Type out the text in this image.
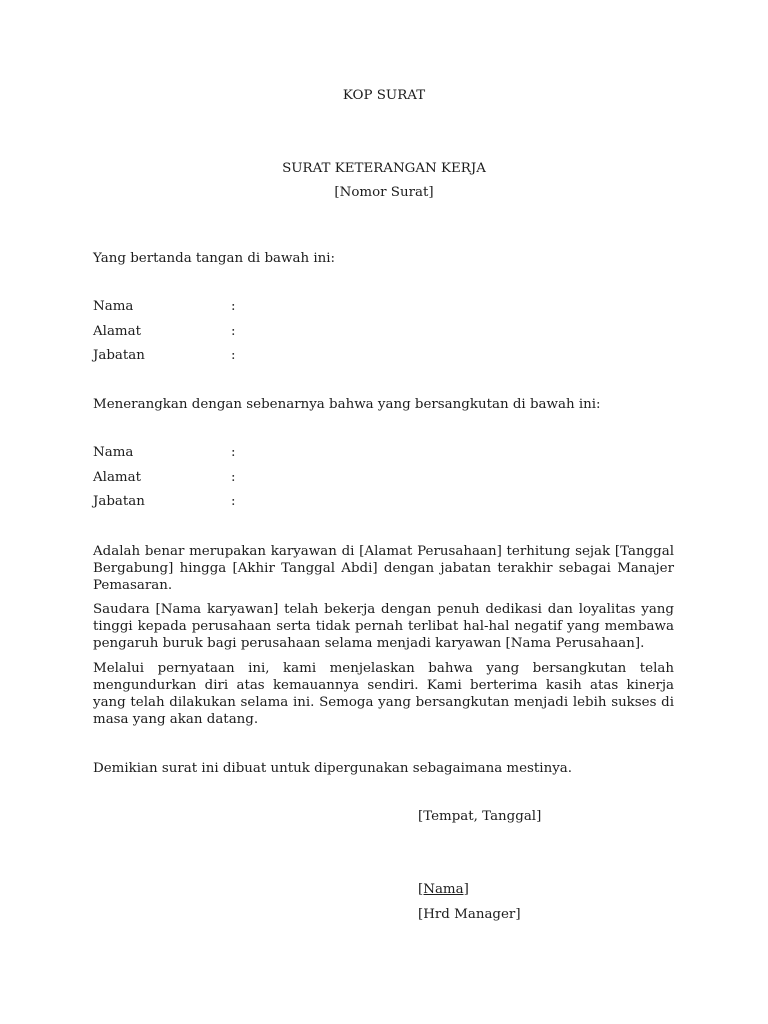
KOP SURAT
SURAT KETERANGAN KERJA
[Nomor Surat]
Yang bertanda tangan di bawah ini:
Nama	:
Alamat	:
Jabatan	:
Menerangkan dengan sebenarnya bahwa yang bersangkutan di bawah ini:
Nama	:
Alamat	:
Jabatan	:
Adalah benar merupakan karyawan di [Alamat Perusahaan] terhitung sejak [Tanggal Bergabung] hingga [Akhir Tanggal Abdi] dengan jabatan terakhir sebagai Manajer Pemasaran.
Saudara [Nama karyawan] telah bekerja dengan penuh dedikasi dan loyalitas yang tinggi kepada perusahaan serta tidak pernah terlibat hal-hal negatif yang membawa pengaruh buruk bagi perusahaan selama menjadi karyawan [Nama Perusahaan].
Melalui pernyataan ini, kami menjelaskan bahwa yang bersangkutan telah mengundurkan diri atas kemauannya sendiri. Kami berterima kasih atas kinerja yang telah dilakukan selama ini. Semoga yang bersangkutan menjadi lebih sukses di masa yang akan datang.
Demikian surat ini dibuat untuk dipergunakan sebagaimana mestinya.
[Tempat, Tanggal]
[Nama]
[Hrd Manager]
